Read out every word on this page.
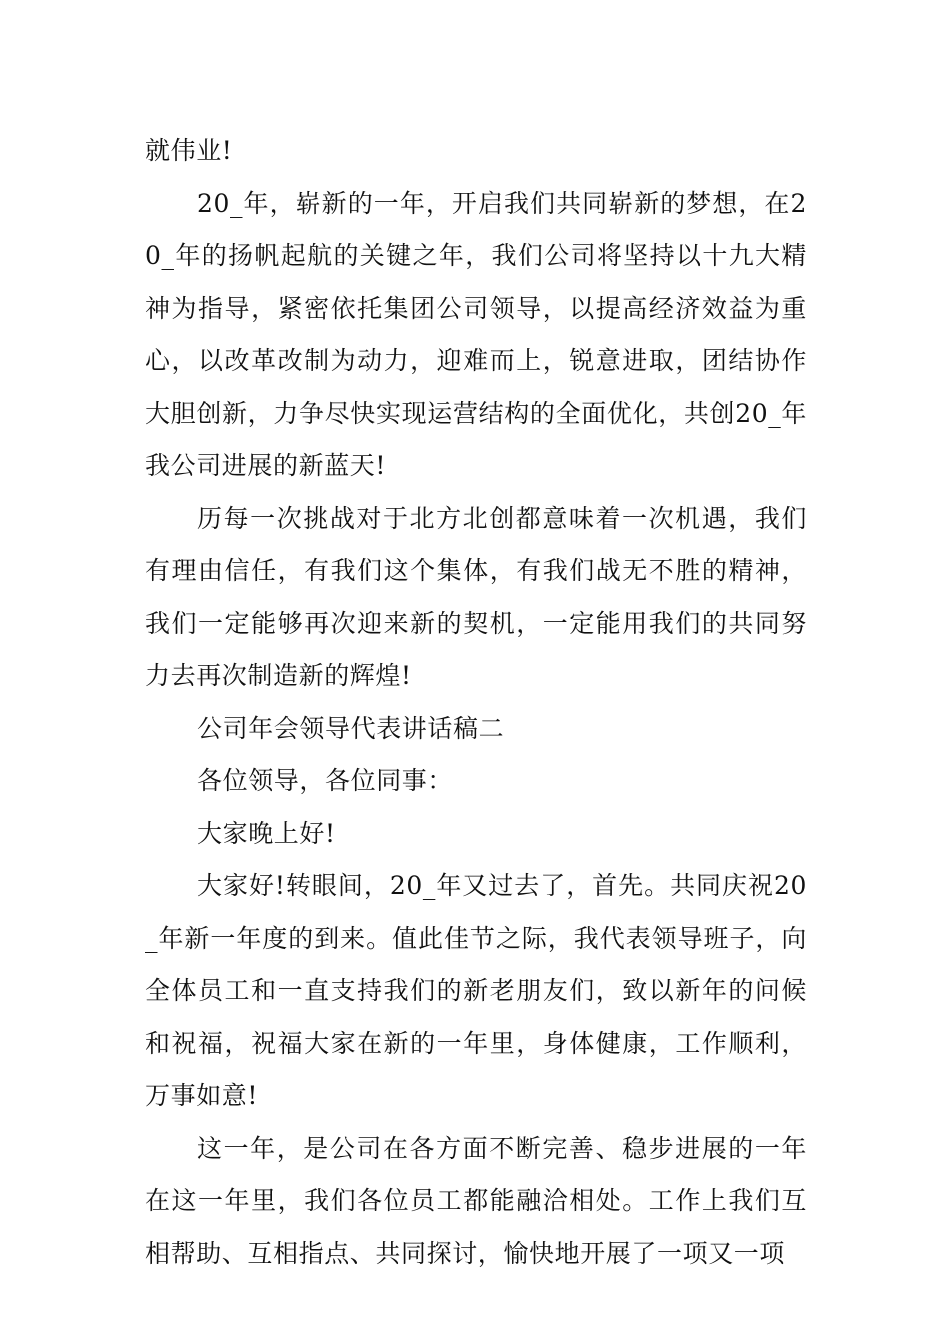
就伟业!

20_年，崭新的一年，开启我们共同崭新的梦想，在20_年的扬帆起航的关键之年，我们公司将坚持以十九大精神为指导，紧密依托集团公司领导，以提高经济效益为重心，以改革改制为动力，迎难而上，锐意进取，团结协作大胆创新，力争尽快实现运营结构的全面优化，共创20_年我公司进展的新蓝天!

历每一次挑战对于北方北创都意味着一次机遇，我们有理由信任，有我们这个集体，有我们战无不胜的精神，我们一定能够再次迎来新的契机，一定能用我们的共同努力去再次制造新的辉煌!

公司年会领导代表讲话稿二

各位领导，各位同事：

大家晚上好!

大家好!转眼间，20_年又过去了，首先。共同庆祝20_年新一年度的到来。值此佳节之际，我代表领导班子，向全体员工和一直支持我们的新老朋友们，致以新年的问候和祝福，祝福大家在新的一年里，身体健康，工作顺利，万事如意!

这一年，是公司在各方面不断完善、稳步进展的一年在这一年里，我们各位员工都能融洽相处。工作上我们互相帮助、互相指点、共同探讨，愉快地开展了一项又一项
